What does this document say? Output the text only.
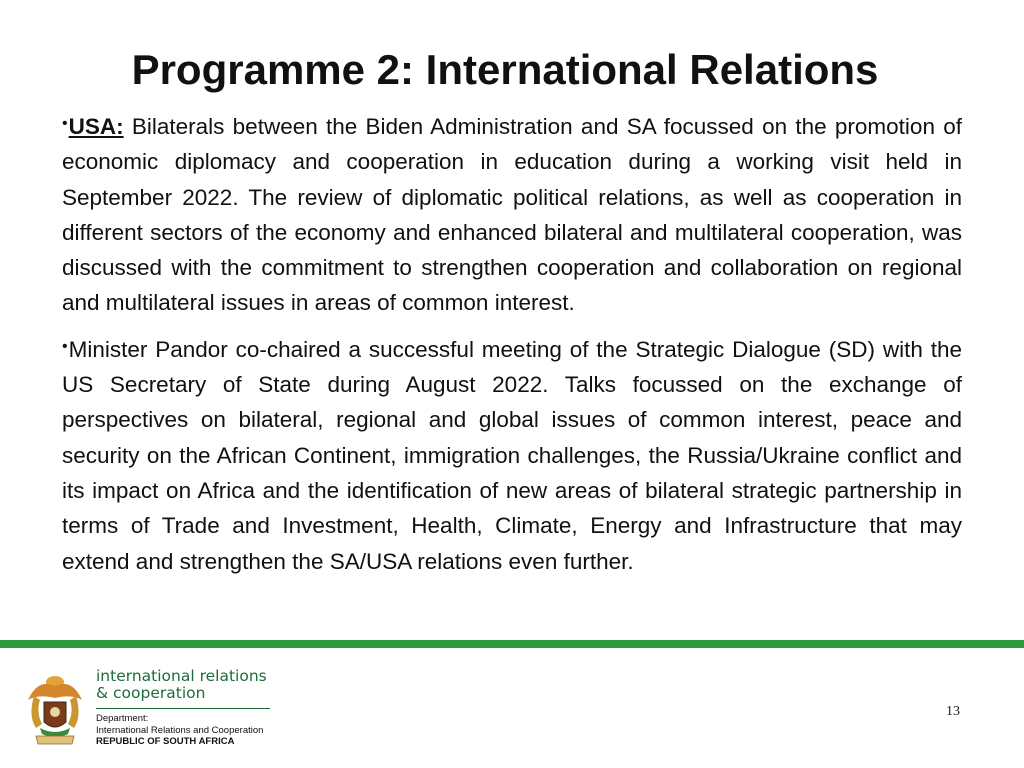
Programme 2: International Relations

•USA: Bilaterals between the Biden Administration and SA focussed on the promotion of economic diplomacy and cooperation in education during a working visit held in September 2022. The review of diplomatic political relations, as well as cooperation in different sectors of the economy and enhanced bilateral and multilateral cooperation, was discussed with the commitment to strengthen cooperation and collaboration on regional and multilateral issues in areas of common interest.

•Minister Pandor co-chaired a successful meeting of the Strategic Dialogue (SD) with the US Secretary of State during August 2022. Talks focussed on the exchange of perspectives on bilateral, regional and global issues of common interest, peace and security on the African Continent, immigration challenges, the Russia/Ukraine conflict and its impact on Africa and the identification of new areas of bilateral strategic partnership in terms of Trade and Investment, Health, Climate, Energy and Infrastructure that may extend and strengthen the SA/USA relations even further.

international relations
& cooperation
Department:
International Relations and Cooperation
REPUBLIC OF SOUTH AFRICA
13
